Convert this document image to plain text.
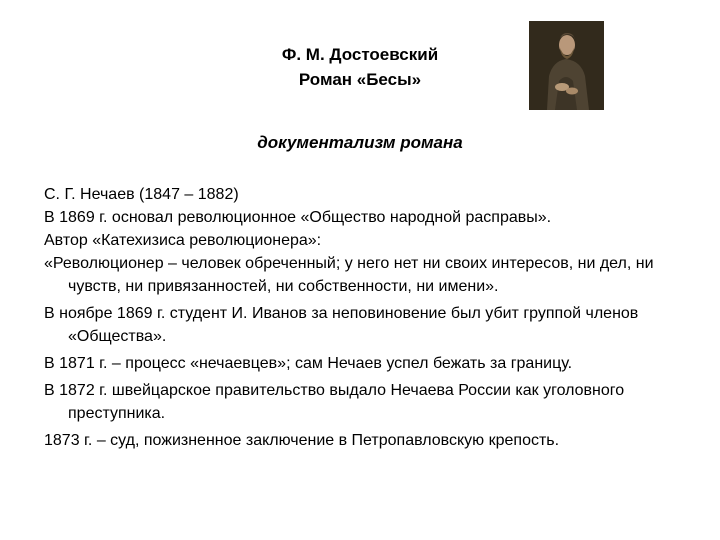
Ф. М. Достоевский
Роман «Бесы»
документализм романа

С. Г. Нечаев (1847 – 1882)

В 1869 г. основал революционное «Общество народной расправы».

Автор «Катехизиса революционера»:

«Революционер – человек обреченный; у него нет ни своих интересов, ни дел, ни чувств, ни привязанностей, ни собственности, ни имени».

В ноябре 1869 г. студент И. Иванов за неповиновение был убит группой членов «Общества».

В 1871 г. – процесс «нечаевцев»; сам Нечаев успел бежать за границу.

В 1872 г. швейцарское правительство выдало Нечаева России как уголовного преступника.

1873 г. – суд, пожизненное заключение в Петропавловскую крепость.
